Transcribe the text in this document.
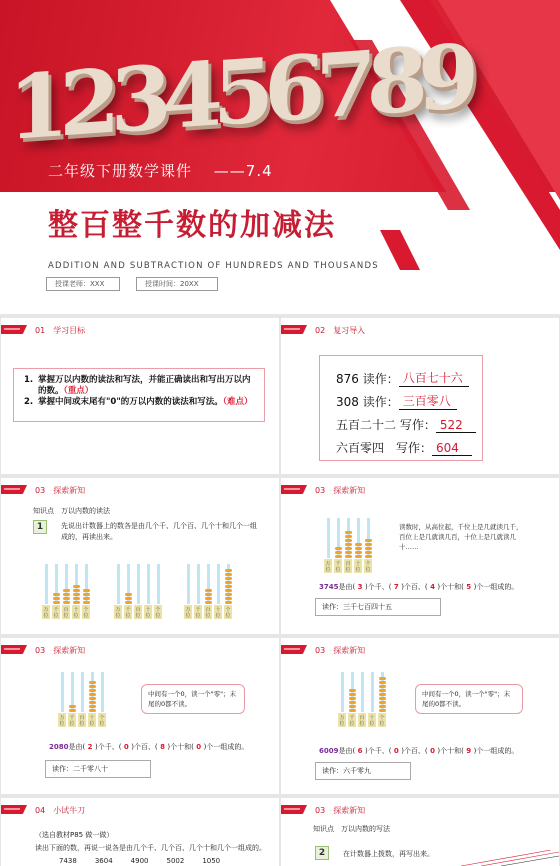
123456789
二年级下册数学课件　 ——7.4
整百整千数的加减法
ADDITION AND SUBTRACTION OF HUNDREDS AND THOUSANDS
授课老师：XXX	授课时间：20XX
01 学习目标
1. 掌握万以内数的读法和写法，并能正确读出和写出万以内的数。（重点）
2. 掌握中间或末尾有"0"的万以内数的读法和写法。（难点）
02 复习导入
876 读作： 八百七十六
308 读作： 三百零八
五百二十二 写作： 522
六百零四　写作： 604
03 探索新知
知识点　万以内数的读法
1	先说出计数器上的数各是由几个千、几个百、几个十和几个一组成的，再读出来。
万位
千位
百位
十位
个位
万位
千位
百位
十位
个位
万位
千位
百位
十位
个位
03 探索新知
万位
千位
百位
十位
个位
读数时，从高位起，千位上是几就读几千，百位上是几就读几百，十位上是几就读几十……
3745是由( 3 )个千、( 7 )个百、( 4 )个十和( 5 )个一组成的。
读作：三千七百四十五
03 探索新知
万位
千位
百位
十位
个位
中间有一个0，读一个"零"；末尾的0都不读。
2080是由( 2 )个千、( 0 )个百、( 8 )个十和( 0 )个一组成的。
读作：二千零八十
03 探索新知
万位
千位
百位
十位
个位
中间有一个0，读一个"零"；末尾的0都不读。
6009是由( 6 )个千、( 0 )个百、( 0 )个十和( 9 )个一组成的。
读作：六千零九
04 小试牛刀
（选自教材P85 做一做）
读出下面的数，再说一说各是由几个千、几个百、几个十和几个一组成的。
7438	3604	4900	5002	1050
03 探索新知
知识点　万以内数的写法
2	在计数器上拨数，再写出来。
